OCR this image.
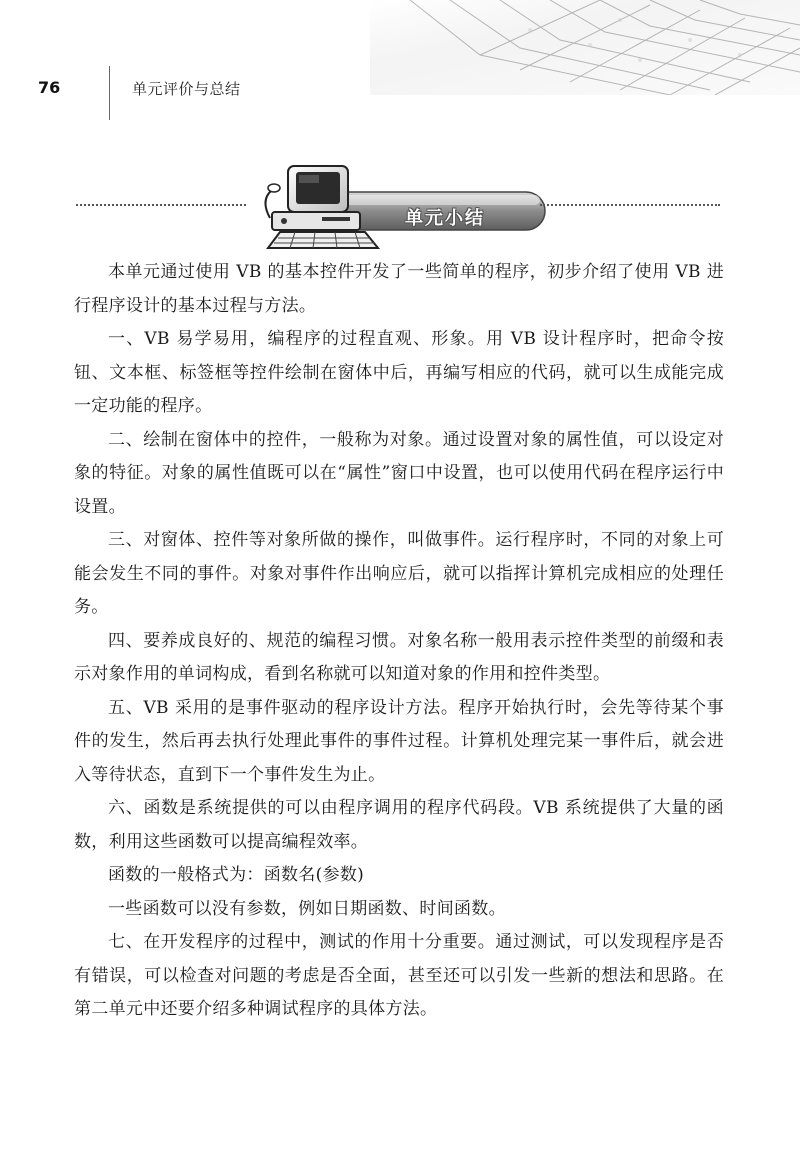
76	单元评价与总结
单元小结

本单元通过使用 VB 的基本控件开发了一些简单的程序，初步介绍了使用 VB 进行程序设计的基本过程与方法。

一、VB 易学易用，编程序的过程直观、形象。用 VB 设计程序时，把命令按钮、文本框、标签框等控件绘制在窗体中后，再编写相应的代码，就可以生成能完成一定功能的程序。

二、绘制在窗体中的控件，一般称为对象。通过设置对象的属性值，可以设定对象的特征。对象的属性值既可以在“属性”窗口中设置，也可以使用代码在程序运行中设置。

三、对窗体、控件等对象所做的操作，叫做事件。运行程序时，不同的对象上可能会发生不同的事件。对象对事件作出响应后，就可以指挥计算机完成相应的处理任务。

四、要养成良好的、规范的编程习惯。对象名称一般用表示控件类型的前缀和表示对象作用的单词构成，看到名称就可以知道对象的作用和控件类型。

五、VB 采用的是事件驱动的程序设计方法。程序开始执行时，会先等待某个事件的发生，然后再去执行处理此事件的事件过程。计算机处理完某一事件后，就会进入等待状态，直到下一个事件发生为止。

六、函数是系统提供的可以由程序调用的程序代码段。VB 系统提供了大量的函数，利用这些函数可以提高编程效率。

函数的一般格式为：函数名(参数)

一些函数可以没有参数，例如日期函数、时间函数。

七、在开发程序的过程中，测试的作用十分重要。通过测试，可以发现程序是否有错误，可以检查对问题的考虑是否全面，甚至还可以引发一些新的想法和思路。在第二单元中还要介绍多种调试程序的具体方法。
